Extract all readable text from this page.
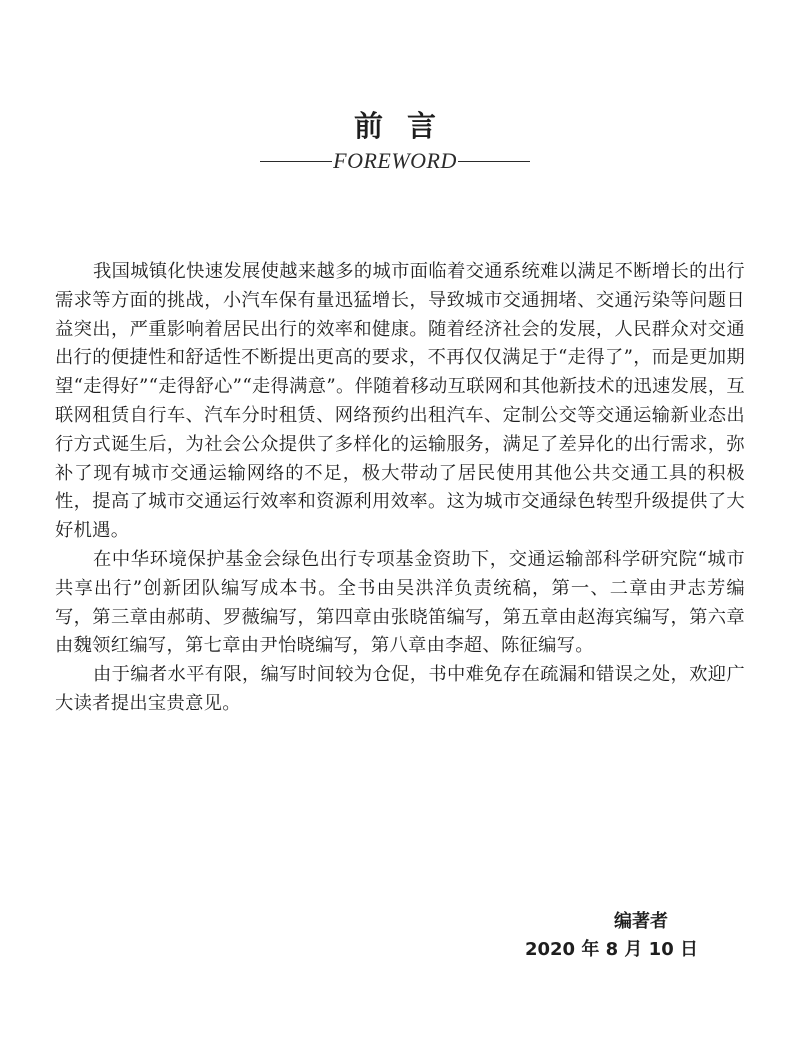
前言
FOREWORD

我国城镇化快速发展使越来越多的城市面临着交通系统难以满足不断增长的出行需求等方面的挑战，小汽车保有量迅猛增长，导致城市交通拥堵、交通污染等问题日益突出，严重影响着居民出行的效率和健康。随着经济社会的发展，人民群众对交通出行的便捷性和舒适性不断提出更高的要求，不再仅仅满足于“走得了”，而是更加期望“走得好”“走得舒心”“走得满意”。伴随着移动互联网和其他新技术的迅速发展，互联网租赁自行车、汽车分时租赁、网络预约出租汽车、定制公交等交通运输新业态出行方式诞生后，为社会公众提供了多样化的运输服务，满足了差异化的出行需求，弥补了现有城市交通运输网络的不足，极大带动了居民使用其他公共交通工具的积极性，提高了城市交通运行效率和资源利用效率。这为城市交通绿色转型升级提供了大好机遇。

在中华环境保护基金会绿色出行专项基金资助下，交通运输部科学研究院“城市共享出行”创新团队编写成本书。全书由吴洪洋负责统稿，第一、二章由尹志芳编写，第三章由郝萌、罗薇编写，第四章由张晓笛编写，第五章由赵海宾编写，第六章由魏领红编写，第七章由尹怡晓编写，第八章由李超、陈征编写。

由于编者水平有限，编写时间较为仓促，书中难免存在疏漏和错误之处，欢迎广大读者提出宝贵意见。

编著者
2020 年 8 月 10 日
